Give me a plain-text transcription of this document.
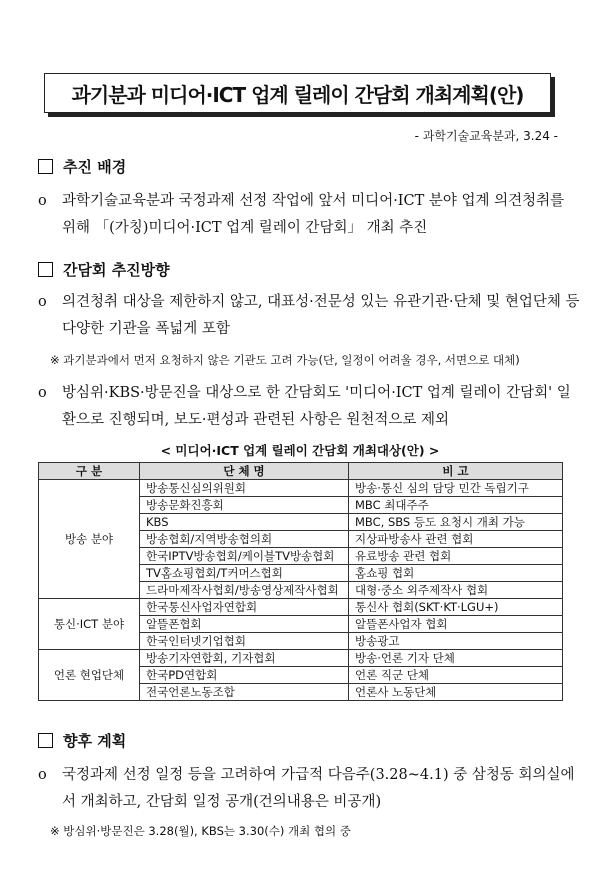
과기분과 미디어·ICT 업계 릴레이 간담회 개최계획(안)
- 과학기술교육분과, 3.24 -
추진 배경
o 과학기술교육분과 국정과제 선정 작업에 앞서 미디어·ICT 분야 업계 의견청취를 위해 「(가칭)미디어·ICT 업계 릴레이 간담회」 개최 추진
간담회 추진방향
o 의견청취 대상을 제한하지 않고, 대표성·전문성 있는 유관기관·단체 및 현업단체 등 다양한 기관을 폭넓게 포함
※ 과기분과에서 먼저 요청하지 않은 기관도 고려 가능(단, 일정이 어려울 경우, 서면으로 대체)
o 방심위·KBS·방문진을 대상으로 한 간담회도 '미디어·ICT 업계 릴레이 간담회' 일환으로 진행되며, 보도·편성과 관련된 사항은 원천적으로 제외
< 미디어·ICT 업계 릴레이 간담회 개최대상(안) >
구 분	단 체 명	비 고
방송 분야	방송통신심의위원회	방송·통신 심의 담당 민간 독립기구
	방송문화진흥회	MBC 최대주주
	KBS	MBC, SBS 등도 요청시 개최 가능
	방송협회/지역방송협의회	지상파방송사 관련 협회
	한국IPTV방송협회/케이블TV방송협회	유료방송 관련 협회
	TV홈쇼핑협회/T커머스협회	홈쇼핑 협회
	드라마제작사협회/방송영상제작사협회	대형·중소 외주제작사 협회
통신·ICT 분야	한국통신사업자연합회	통신사 협회(SKT·KT·LGU+)
	알뜰폰협회	알뜰폰사업자 협회
	한국인터넷기업협회	방송광고
언론 현업단체	방송기자연합회, 기자협회	방송·언론 기자 단체
	한국PD연합회	언론 직군 단체
	전국언론노동조합	언론사 노동단체
향후 계획
o 국정과제 선정 일정 등을 고려하여 가급적 다음주(3.28~4.1) 중 삼청동 회의실에서 개최하고, 간담회 일정 공개(건의내용은 비공개)
※ 방심위·방문진은 3.28(월), KBS는 3.30(수) 개최 협의 중
